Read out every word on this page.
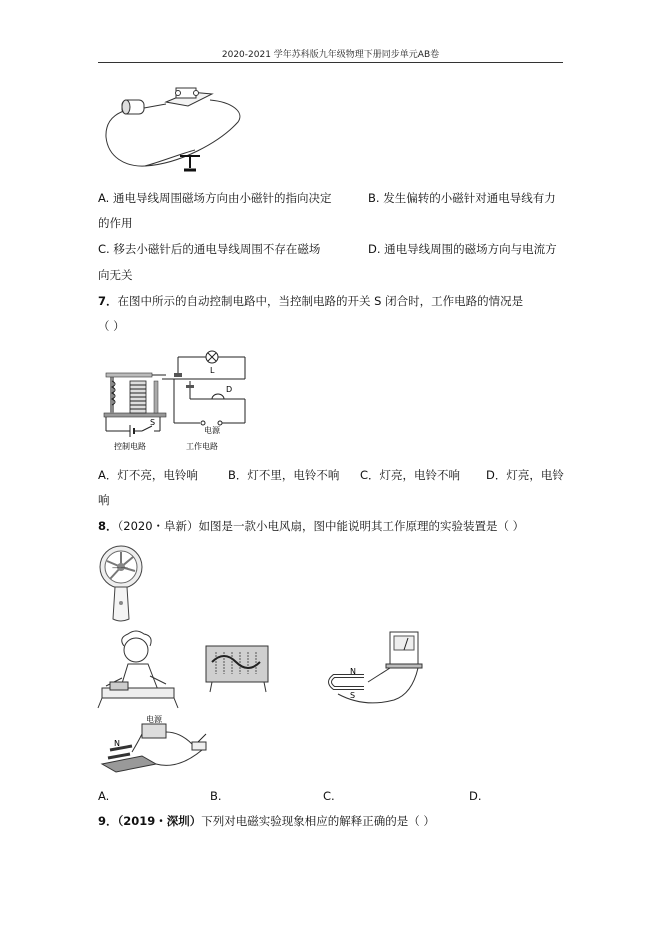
2020-2021 学年苏科版九年级物理下册同步单元AB卷
A. 通电导线周围磁场方向由小磁针的指向决定	B. 发生偏转的小磁针对通电导线有力
的作用
C. 移去小磁针后的通电导线周围不存在磁场	D. 通电导线周围的磁场方向与电流方
向无关
7．在图中所示的自动控制电路中，当控制电路的开关 S 闭合时，工作电路的情况是
（ ）
L
D
电源
S
控制电路	工作电路
A．灯不亮，电铃响	B．灯不里，电铃不响 C．灯亮，电铃不响 D．灯亮，电铃
响
8．（2020・阜新）如图是一款小电风扇，图中能说明其工作原理的实验装置是（ ）
——
N
S
电源
N
A.	B.	C.	D.
9．（2019・深圳）下列对电磁实验现象相应的解释正确的是（ ）
